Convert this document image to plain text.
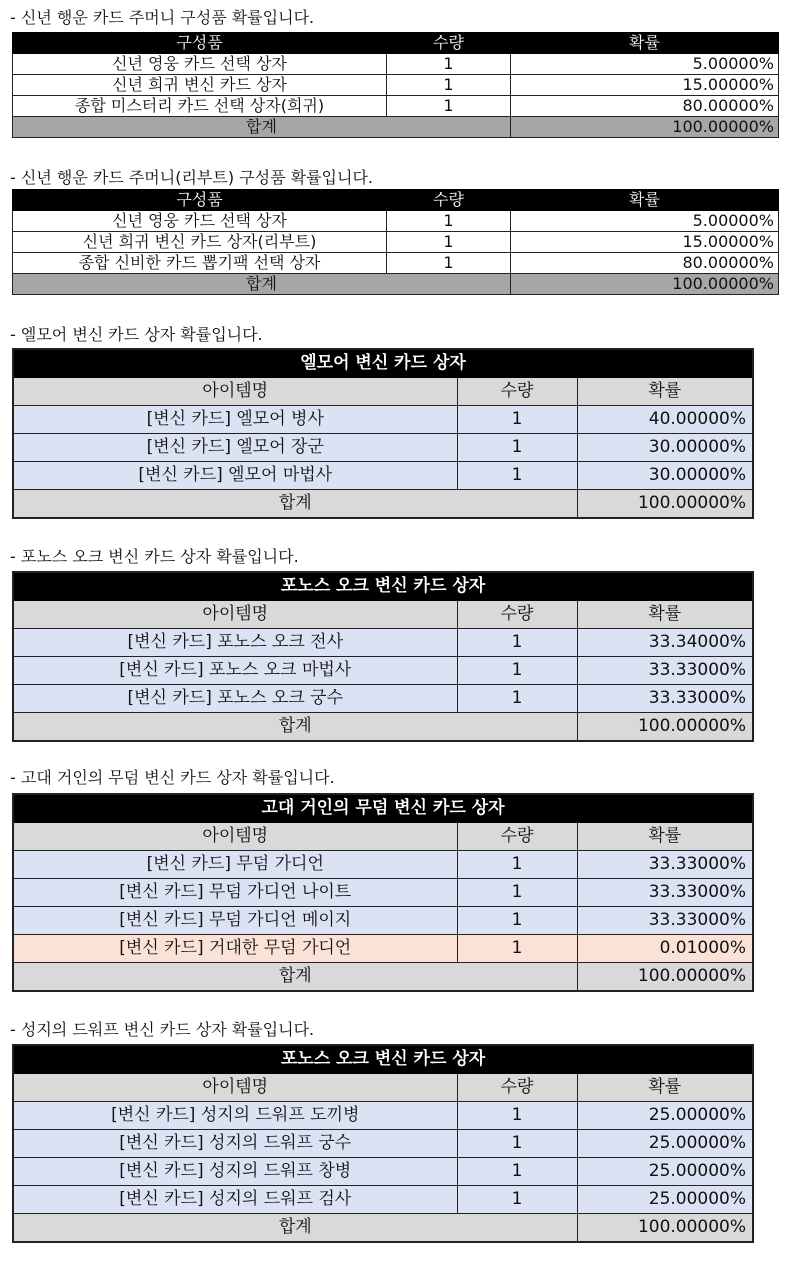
- 신년 행운 카드 주머니 구성품 확률입니다.
구성품	수량	확률
신년 영웅 카드 선택 상자	1	5.00000%
신년 희귀 변신 카드 상자	1	15.00000%
종합 미스터리 카드 선택 상자(희귀)	1	80.00000%
합계		100.00000%
- 신년 행운 카드 주머니(리부트) 구성품 확률입니다.
구성품	수량	확률
신년 영웅 카드 선택 상자	1	5.00000%
신년 희귀 변신 카드 상자(리부트)	1	15.00000%
종합 신비한 카드 뽑기팩 선택 상자	1	80.00000%
합계		100.00000%
- 엘모어 변신 카드 상자 확률입니다.
엘모어 변신 카드 상자		
아이템명	수량	확률
[변신 카드] 엘모어 병사	1	40.00000%
[변신 카드] 엘모어 장군	1	30.00000%
[변신 카드] 엘모어 마법사	1	30.00000%
합계		100.00000%
- 포노스 오크 변신 카드 상자 확률입니다.
포노스 오크 변신 카드 상자		
아이템명	수량	확률
[변신 카드] 포노스 오크 전사	1	33.34000%
[변신 카드] 포노스 오크 마법사	1	33.33000%
[변신 카드] 포노스 오크 궁수	1	33.33000%
합계		100.00000%
- 고대 거인의 무덤 변신 카드 상자 확률입니다.
고대 거인의 무덤 변신 카드 상자		
아이템명	수량	확률
[변신 카드] 무덤 가디언	1	33.33000%
[변신 카드] 무덤 가디언 나이트	1	33.33000%
[변신 카드] 무덤 가디언 메이지	1	33.33000%
[변신 카드] 거대한 무덤 가디언	1	0.01000%
합계		100.00000%
- 성지의 드워프 변신 카드 상자 확률입니다.
포노스 오크 변신 카드 상자		
아이템명	수량	확률
[변신 카드] 성지의 드워프 도끼병	1	25.00000%
[변신 카드] 성지의 드워프 궁수	1	25.00000%
[변신 카드] 성지의 드워프 창병	1	25.00000%
[변신 카드] 성지의 드워프 검사	1	25.00000%
합계		100.00000%
